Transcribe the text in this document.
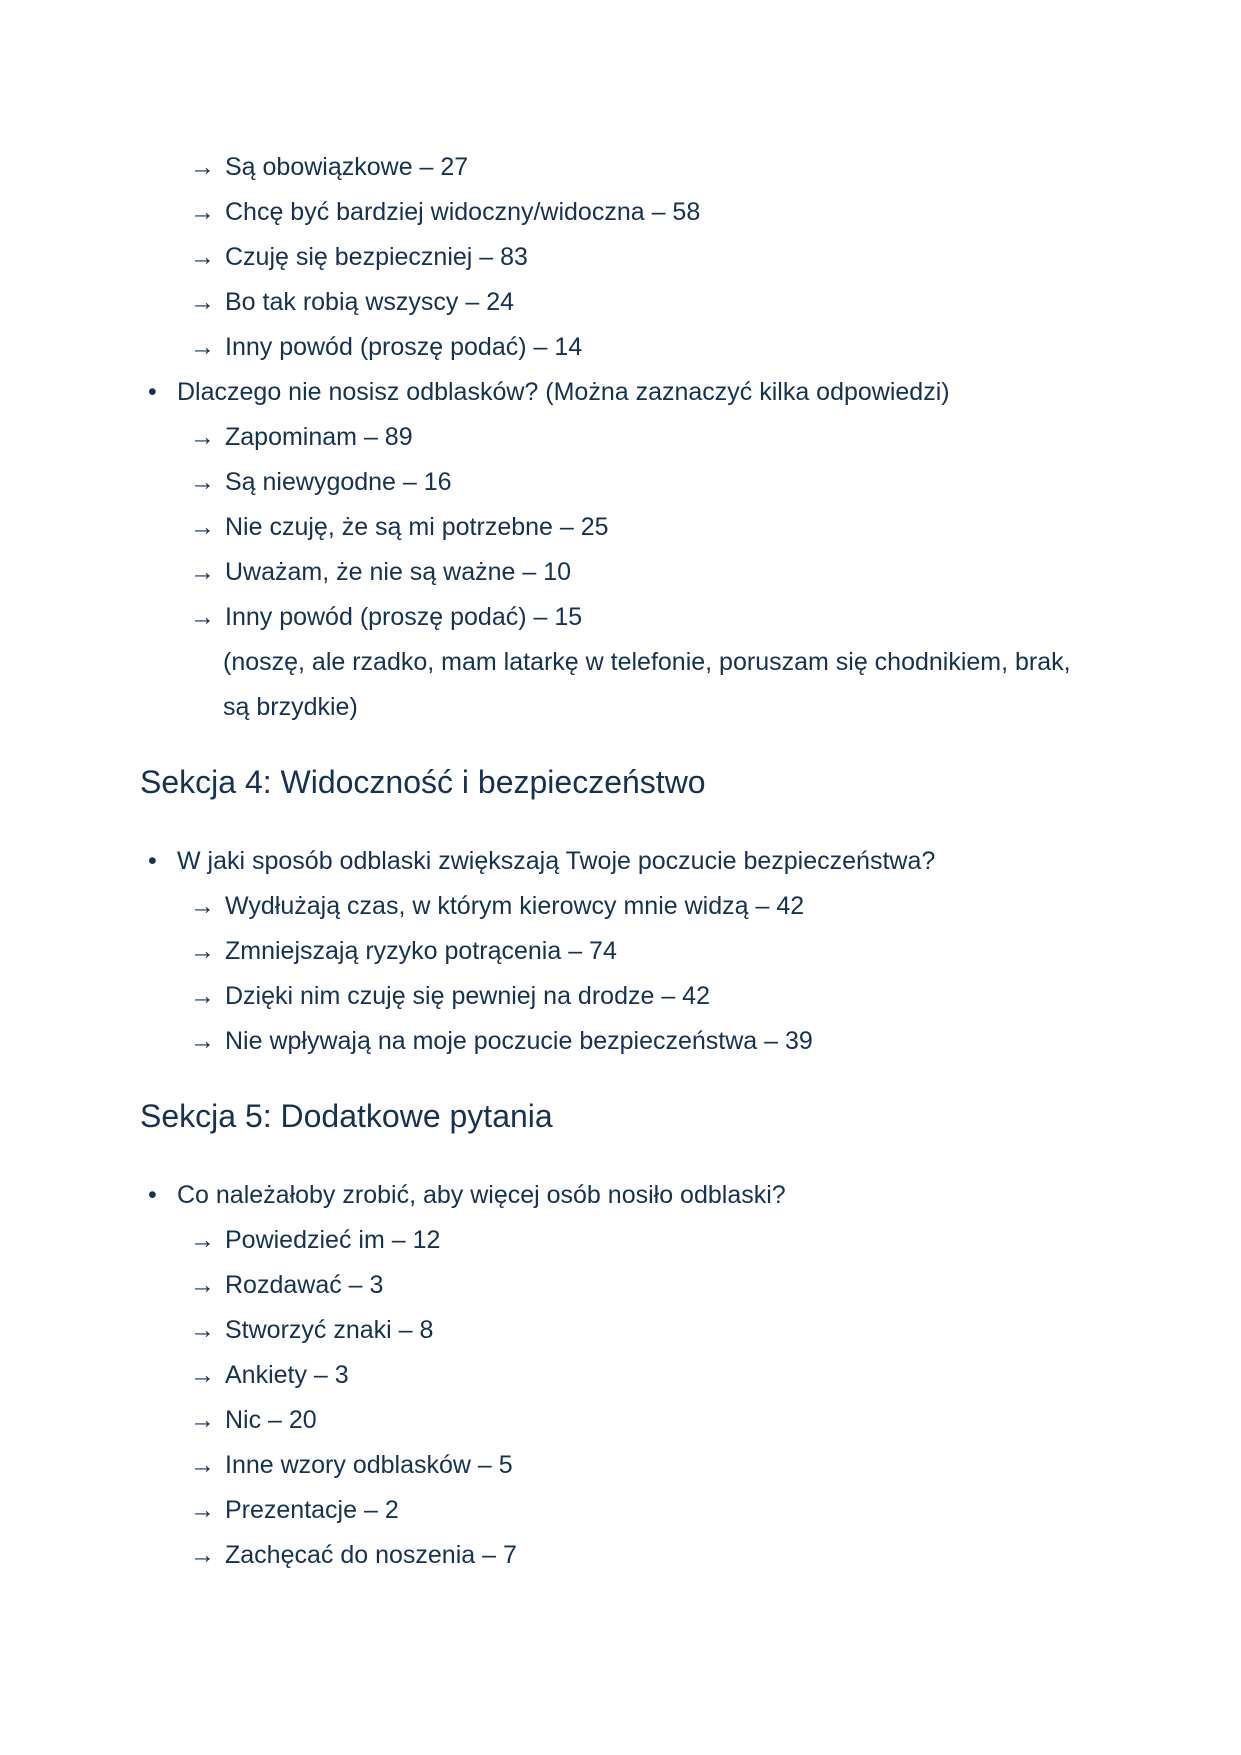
→ Są obowiązkowe – 27
→ Chcę być bardziej widoczny/widoczna – 58
→ Czuję się bezpieczniej – 83
→ Bo tak robią wszyscy – 24
→ Inny powód (proszę podać) – 14
• Dlaczego nie nosisz odblasków? (Można zaznaczyć kilka odpowiedzi)
→ Zapominam – 89
→ Są niewygodne – 16
→ Nie czuję, że są mi potrzebne – 25
→ Uważam, że nie są ważne – 10
→ Inny powód (proszę podać) – 15

(noszę, ale rzadko, mam latarkę w telefonie, poruszam się chodnikiem, brak, są brzydkie)

Sekcja 4: Widoczność i bezpieczeństwo
• W jaki sposób odblaski zwiększają Twoje poczucie bezpieczeństwa?
→ Wydłużają czas, w którym kierowcy mnie widzą – 42
→ Zmniejszają ryzyko potrącenia – 74
→ Dzięki nim czuję się pewniej na drodze – 42
→ Nie wpływają na moje poczucie bezpieczeństwa – 39
Sekcja 5: Dodatkowe pytania
• Co należałoby zrobić, aby więcej osób nosiło odblaski?
→ Powiedzieć im – 12
→ Rozdawać – 3
→ Stworzyć znaki – 8
→ Ankiety – 3
→ Nic – 20
→ Inne wzory odblasków – 5
→ Prezentacje – 2
→ Zachęcać do noszenia – 7
